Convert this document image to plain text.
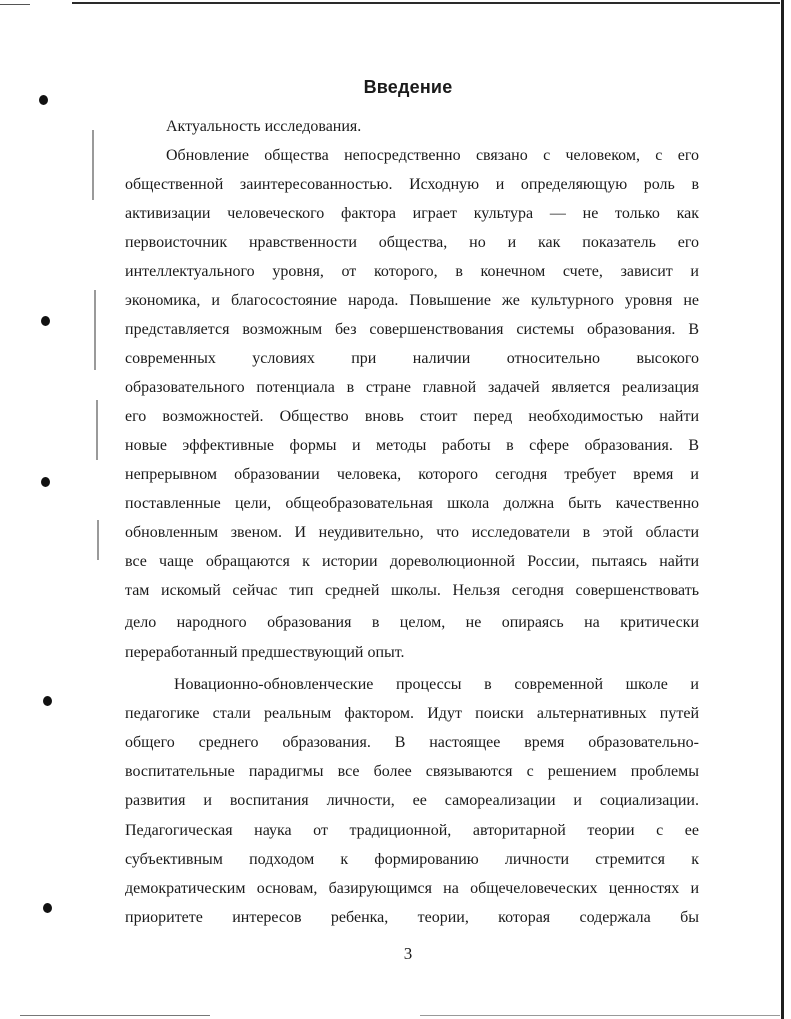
Введение
Актуальность исследования.
Обновление общества непосредственно связано с человеком, с его
общественной заинтересованностью. Исходную и определяющую роль в
активизации человеческого фактора играет культура — не только как
первоисточник нравственности общества, но и как показатель его
интеллектуального уровня, от которого, в конечном счете, зависит и
экономика, и благосостояние народа. Повышение же культурного уровня не
представляется возможным без совершенствования системы образования. В
современных условиях при наличии относительно высокого
образовательного потенциала в стране главной задачей является реализация
его возможностей. Общество вновь стоит перед необходимостью найти
новые эффективные формы и методы работы в сфере образования. В
непрерывном образовании человека, которого сегодня требует время и
поставленные цели, общеобразовательная школа должна быть качественно
обновленным звеном. И неудивительно, что исследователи в этой области
все чаще обращаются к истории дореволюционной России, пытаясь найти
там искомый сейчас тип средней школы. Нельзя сегодня совершенствовать
дело народного образования в целом, не опираясь на критически
переработанный предшествующий опыт.
Новационно-обновленческие процессы в современной школе и
педагогике стали реальным фактором. Идут поиски альтернативных путей
общего среднего образования. В настоящее время образовательно-
воспитательные парадигмы все более связываются с решением проблемы
развития и воспитания личности, ее самореализации и социализации.
Педагогическая наука от традиционной, авторитарной теории с ее
субъективным подходом к формированию личности стремится к
демократическим основам, базирующимся на общечеловеческих ценностях и
приоритете интересов ребенка, теории, которая содержала бы
3
